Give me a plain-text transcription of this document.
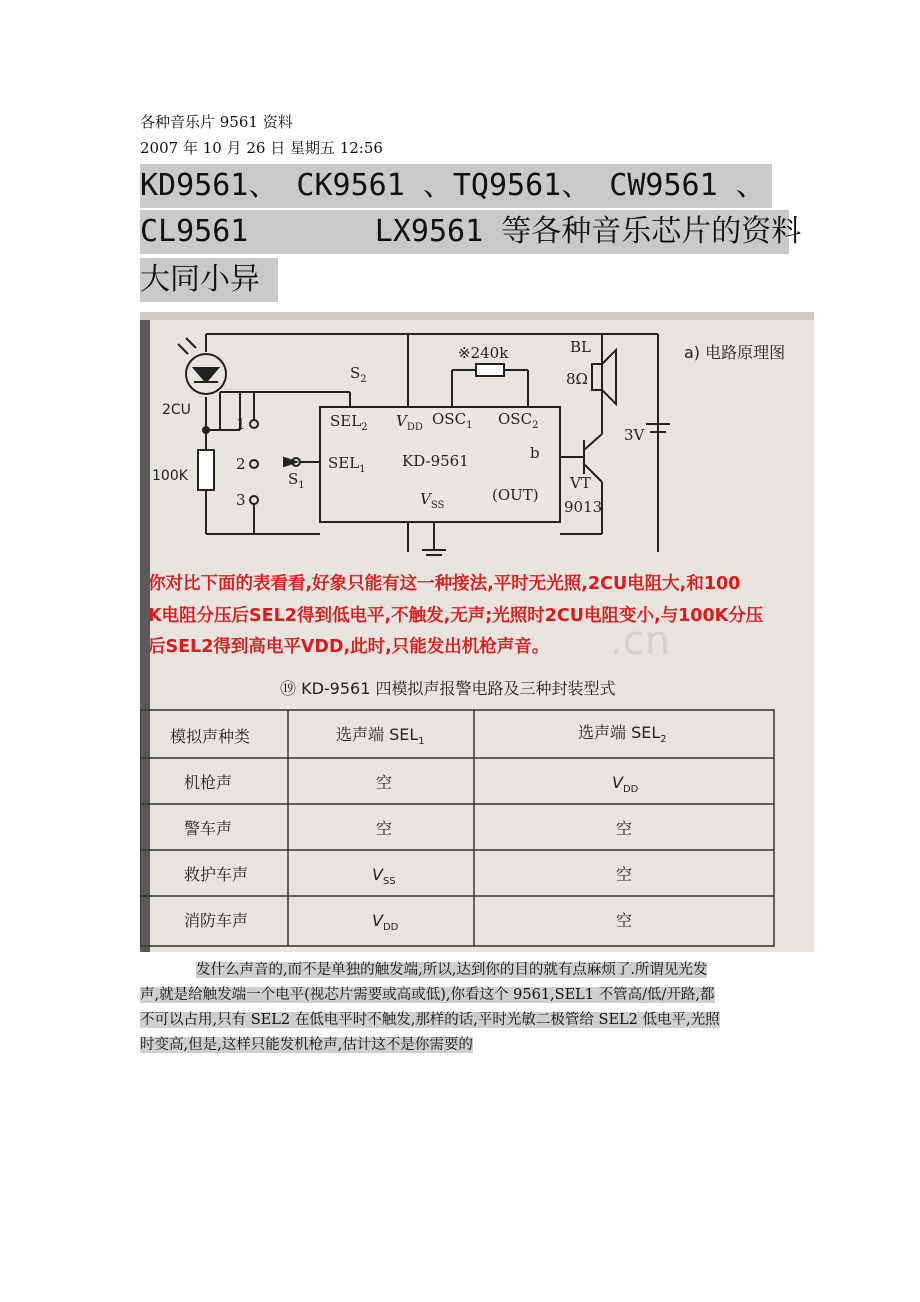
各种音乐片 9561 资料
2007 年 10 月 26 日 星期五 12:56
KD9561、 CK9561 、TQ9561、 CW9561 、
CL9561       LX9561 等各种音乐芯片的资料
大同小异
$S_2$
2CU
100K
1
2
3
$S_1$
$SEL_2$ $V_{DD}$ $OSC_1$ $OSC_2$
$SEL_1$ KD-9561	b
$V_{SS}$
(OUT)
※240k	BL
8Ω
3V
VT
9013
a) 电路原理图
你对比下面的表看看,好象只能有这一种接法,平时无光照,2CU电阻大,和100
K电阻分压后SEL2得到低电平,不触发,无声;光照时2CU电阻变小,与100K分压
后SEL2得到高电平VDD,此时,只能发出机枪声音。
⑲ KD-9561 四模拟声报警电路及三种封装型式
模拟声种类	选声端 $SEL_1$	选声端 $SEL_2$
机枪声	空	$V_{DD}$
警车声	空	空
救护车声	$V_{SS}$	空
消防车声	$V_{DD}$	空
.cn
发什么声音的,而不是单独的触发端,所以,达到你的目的就有点麻烦了.所谓见光发
声,就是给触发端一个电平(视芯片需要或高或低),你看这个 9561,SEL1 不管高/低/开路,都
不可以占用,只有 SEL2 在低电平时不触发,那样的话,平时光敏二极管给 SEL2 低电平,光照
时变高,但是,这样只能发机枪声,估计这不是你需要的
